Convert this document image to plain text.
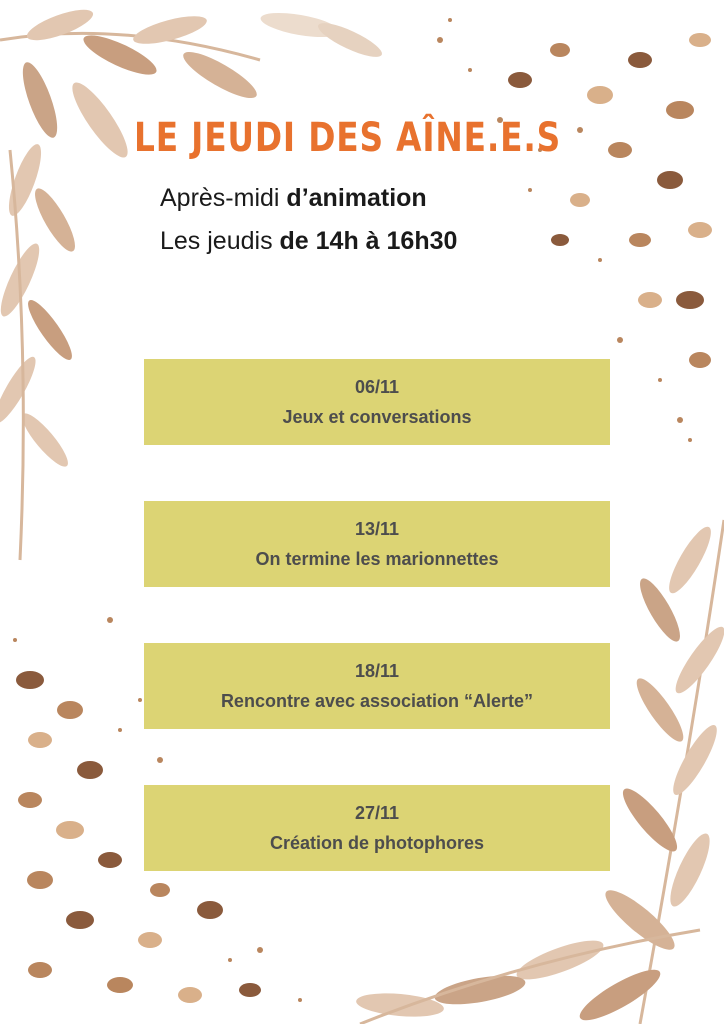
LE JEUDI DES AÎNE.E.S

Après-midi d’animation

Les jeudis de 14h à 16h30

06/11
Jeux et conversations
13/11
On termine les marionnettes
18/11
Rencontre avec association “Alerte”
27/11
Création de photophores
